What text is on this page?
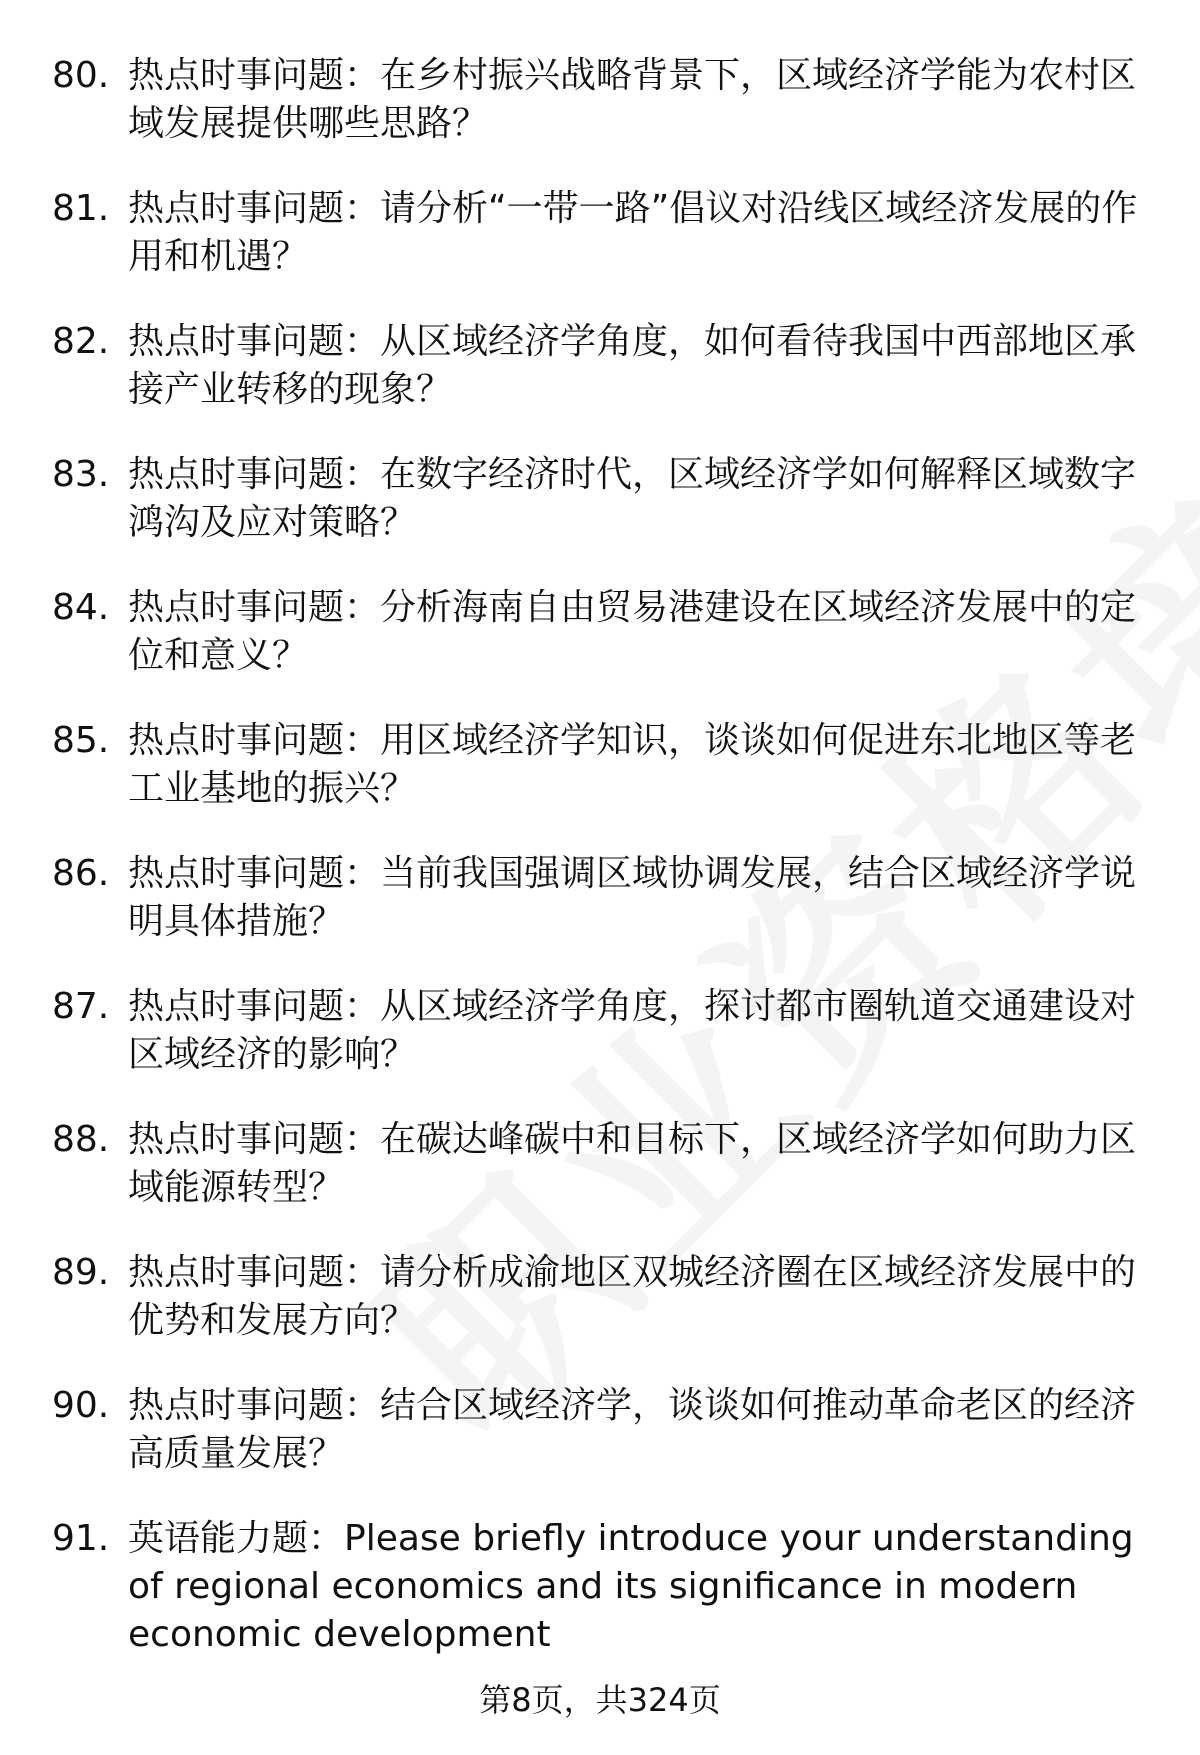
80. 热点时事问题：在乡村振兴战略背景下，区域经济学能为农村区域发展提供哪些思路？
81. 热点时事问题：请分析“一带一路”倡议对沿线区域经济发展的作用和机遇？
82. 热点时事问题：从区域经济学角度，如何看待我国中西部地区承接产业转移的现象？
83. 热点时事问题：在数字经济时代，区域经济学如何解释区域数字鸿沟及应对策略？
84. 热点时事问题：分析海南自由贸易港建设在区域经济发展中的定位和意义？
85. 热点时事问题：用区域经济学知识，谈谈如何促进东北地区等老工业基地的振兴？
86. 热点时事问题：当前我国强调区域协调发展，结合区域经济学说明具体措施？
87. 热点时事问题：从区域经济学角度，探讨都市圈轨道交通建设对区域经济的影响？
88. 热点时事问题：在碳达峰碳中和目标下，区域经济学如何助力区域能源转型？
89. 热点时事问题：请分析成渝地区双城经济圈在区域经济发展中的优势和发展方向？
90. 热点时事问题：结合区域经济学，谈谈如何推动革命老区的经济高质量发展？
91. 英语能力题：Please briefly introduce your understanding of regional economics and its significance in modern economic development
第8页，共324页
